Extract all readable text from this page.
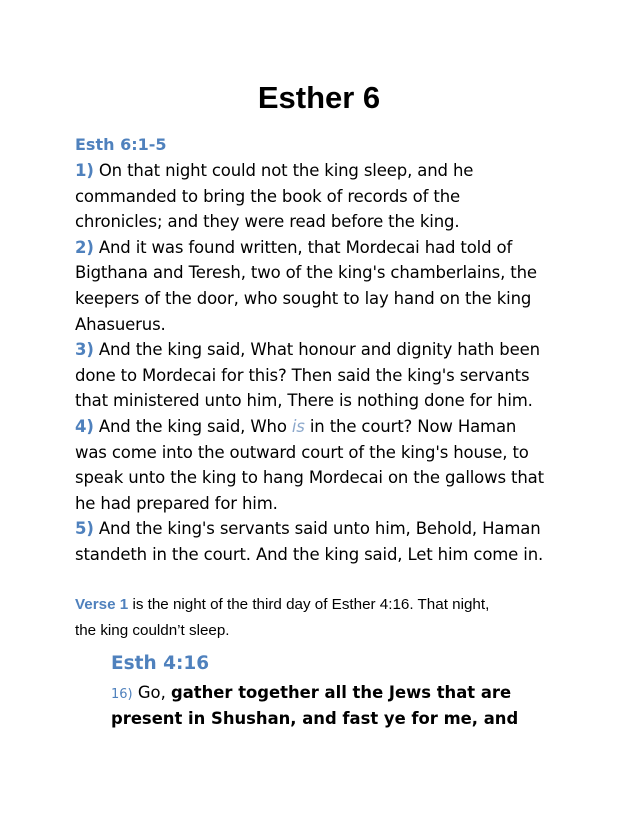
Esther 6
Esth 6:1-5
1) On that night could not the king sleep, and he
commanded to bring the book of records of the
chronicles; and they were read before the king.
2) And it was found written, that Mordecai had told of
Bigthana and Teresh, two of the king's chamberlains, the
keepers of the door, who sought to lay hand on the king
Ahasuerus.
3) And the king said, What honour and dignity hath been
done to Mordecai for this? Then said the king's servants
that ministered unto him, There is nothing done for him.
4) And the king said, Who is in the court? Now Haman
was come into the outward court of the king's house, to
speak unto the king to hang Mordecai on the gallows that
he had prepared for him.
5) And the king's servants said unto him, Behold, Haman
standeth in the court. And the king said, Let him come in.
Verse 1 is the night of the third day of Esther 4:16. That night,
the king couldn’t sleep.
Esth 4:16
16) Go, gather together all the Jews that are
present in Shushan, and fast ye for me, and
